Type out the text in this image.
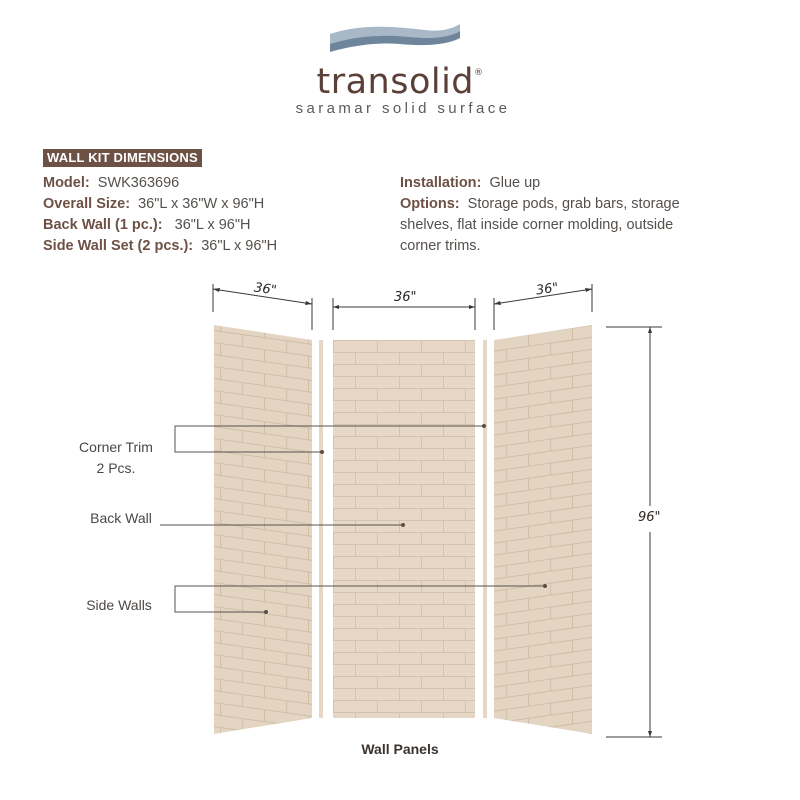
transolid®
saramar solid surface
WALL KIT DIMENSIONS
Model: SWK363696
Overall Size: 36"L x 36"W x 96"H
Back Wall (1 pc.): 36"L x 96"H
Side Wall Set (2 pcs.): 36"L x 96"H
Installation: Glue up
Options: Storage pods, grab bars, storage shelves, flat inside corner molding, outside corner trims.
36"	36"	36"
96"
Corner Trim
2 Pcs.
Back Wall
Side Walls
Wall Panels
